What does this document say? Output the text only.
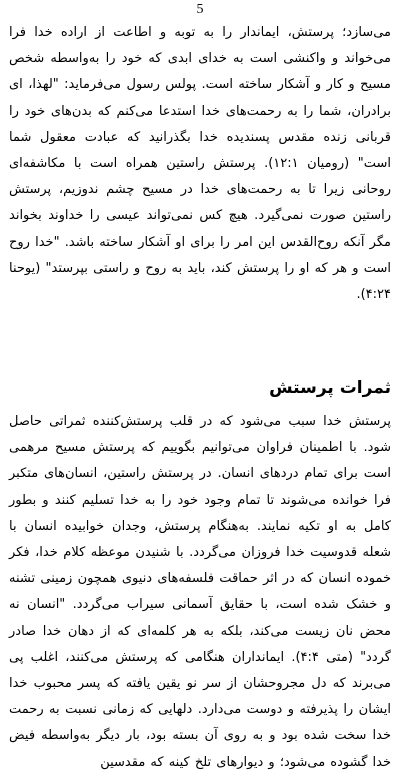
5

می‌سازد؛ پرستش، ایماندار را به توبه و اطاعت از اراده خدا فرا می‌خواند و واکنشی است به خدای ابدی که خود را به‌واسطه شخص مسیح و کار و آشکار ساخته است. پولس رسول می‌فرماید: "لهذا، ای برادران، شما را به رحمت‌های خدا استدعا می‌کنم که بدن‌های خود را قربانی زنده مقدس پسندیده خدا بگذرانید که عبادت معقول شما است" (رومیان ۱۲:۱). پرستش راستین همراه است با مکاشفه‌ای روحانی زیرا تا به رحمت‌های خدا در مسیح چشم ندوزیم، پرستش راستین صورت نمی‌گیرد. هیچ کس نمی‌تواند عیسی را خداوند بخواند مگر آنکه روح‌القدس این امر را برای او آشکار ساخته باشد. "خدا روح است و هر که او را پرستش کند، باید به روح و راستی بپرستد" (یوحنا ۴:۲۴).

ثمرات پرستش

پرستش خدا سبب می‌شود که در قلب پرستش‌کننده ثمراتی حاصل شود. با اطمینان فراوان می‌توانیم بگوییم که پرستش مسیح مرهمی است برای تمام دردهای انسان. در پرستش راستین، انسان‌های متکبر فرا خوانده می‌شوند تا تمام وجود خود را به خدا تسلیم کنند و بطور کامل به او تکیه نمایند. به‌هنگام پرستش، وجدان خوابیده انسان با شعله قدوسیت خدا فروزان می‌گردد. با شنیدن موعظه کلام خدا، فکر خموده انسان که در اثر حماقت فلسفه‌های دنیوی همچون زمینی تشنه و خشک شده است، با حقایق آسمانی سیراب می‌گردد. "انسان نه محض نان زیست می‌کند، بلکه به هر کلمه‌ای که از دهان خدا صادر گردد" (متی ۴:۴). ایمانداران هنگامی که پرستش می‌کنند، اغلب پی می‌برند که دل مجروحشان از سر نو یقین یافته که پسر محبوب خدا ایشان را پذیرفته و دوست می‌دارد. دلهایی که زمانی نسبت به رحمت خدا سخت شده بود و به روی آن بسته بود، بار دیگر به‌واسطه فیض خدا گشوده می‌شود؛ و دیوارهای تلخ کینه که مقدسین
